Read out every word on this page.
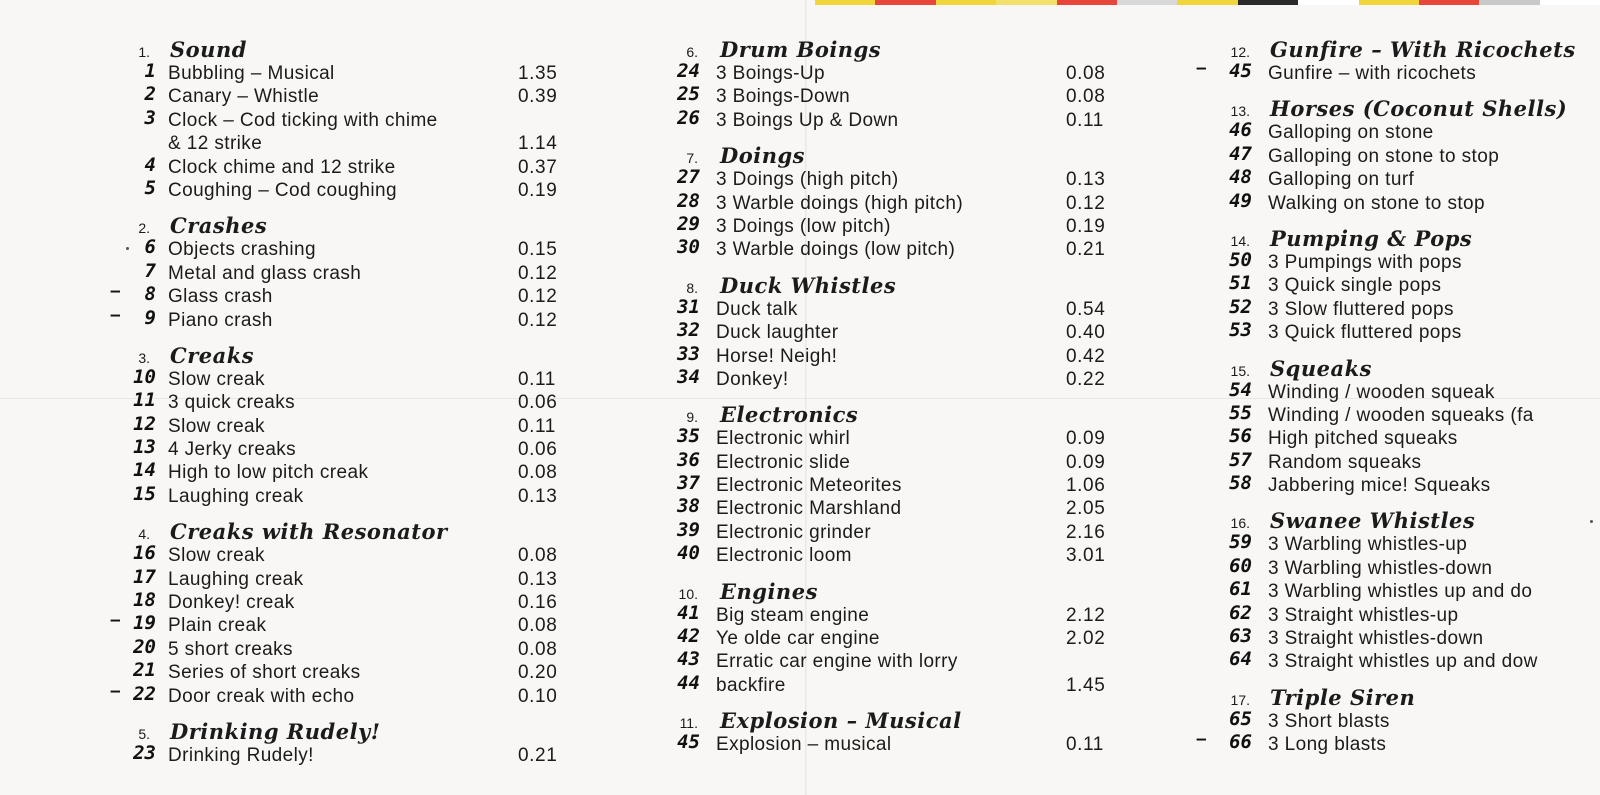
1. Sound
1 Bubbling – Musical	1.35
2 Canary – Whistle	0.39
3 Clock – Cod ticking with chime
& 12 strike	1.14
4 Clock chime and 12 strike	0.37
5 Coughing – Cod coughing	0.19
2. Crashes
6 Objects crashing	0.15
7 Metal and glass crash	0.12
–	8 Glass crash	0.12
–	9 Piano crash	0.12
3. Creaks
10 Slow creak	0.11
11 3 quick creaks	0.06
12 Slow creak	0.11
13 4 Jerky creaks	0.06
14 High to low pitch creak	0.08
15 Laughing creak	0.13
4. Creaks with Resonator
16 Slow creak	0.08
17 Laughing creak	0.13
18 Donkey! creak	0.16
– 19 Plain creak	0.08
20 5 short creaks	0.08
21 Series of short creaks	0.20
– 22 Door creak with echo	0.10
5. Drinking Rudely!
23 Drinking Rudely!	0.21
6. Drum Boings
24 3 Boings-Up	0.08
25 3 Boings-Down	0.08
26 3 Boings Up & Down	0.11
7. Doings
27 3 Doings (high pitch)	0.13
28 3 Warble doings (high pitch)	0.12
29 3 Doings (low pitch)	0.19
30 3 Warble doings (low pitch)	0.21
8. Duck Whistles
31 Duck talk	0.54
32 Duck laughter	0.40
33 Horse! Neigh!	0.42
34 Donkey!	0.22
9. Electronics
35 Electronic whirl	0.09
36 Electronic slide	0.09
37 Electronic Meteorites	1.06
38 Electronic Marshland	2.05
39 Electronic grinder	2.16
40 Electronic loom	3.01
10. Engines
41 Big steam engine	2.12
42 Ye olde car engine	2.02
43 Erratic car engine with lorry
44 backfire	1.45
11. Explosion – Musical
45 Explosion – musical	0.11
12. Gunfire – With Ricochets
–	45 Gunfire – with ricochets
13. Horses (Coconut Shells)
46 Galloping on stone
47 Galloping on stone to stop
48 Galloping on turf
49 Walking on stone to stop
14. Pumping & Pops
50 3 Pumpings with pops
51 3 Quick single pops
52 3 Slow fluttered pops
53 3 Quick fluttered pops
15. Squeaks
54 Winding / wooden squeak
55 Winding / wooden squeaks (fa
56 High pitched squeaks
57 Random squeaks
58 Jabbering mice! Squeaks
16. Swanee Whistles
59 3 Warbling whistles-up
60 3 Warbling whistles-down
61 3 Warbling whistles up and do
62 3 Straight whistles-up
63 3 Straight whistles-down
64 3 Straight whistles up and dow
17. Triple Siren
65 3 Short blasts
–	66 3 Long blasts
